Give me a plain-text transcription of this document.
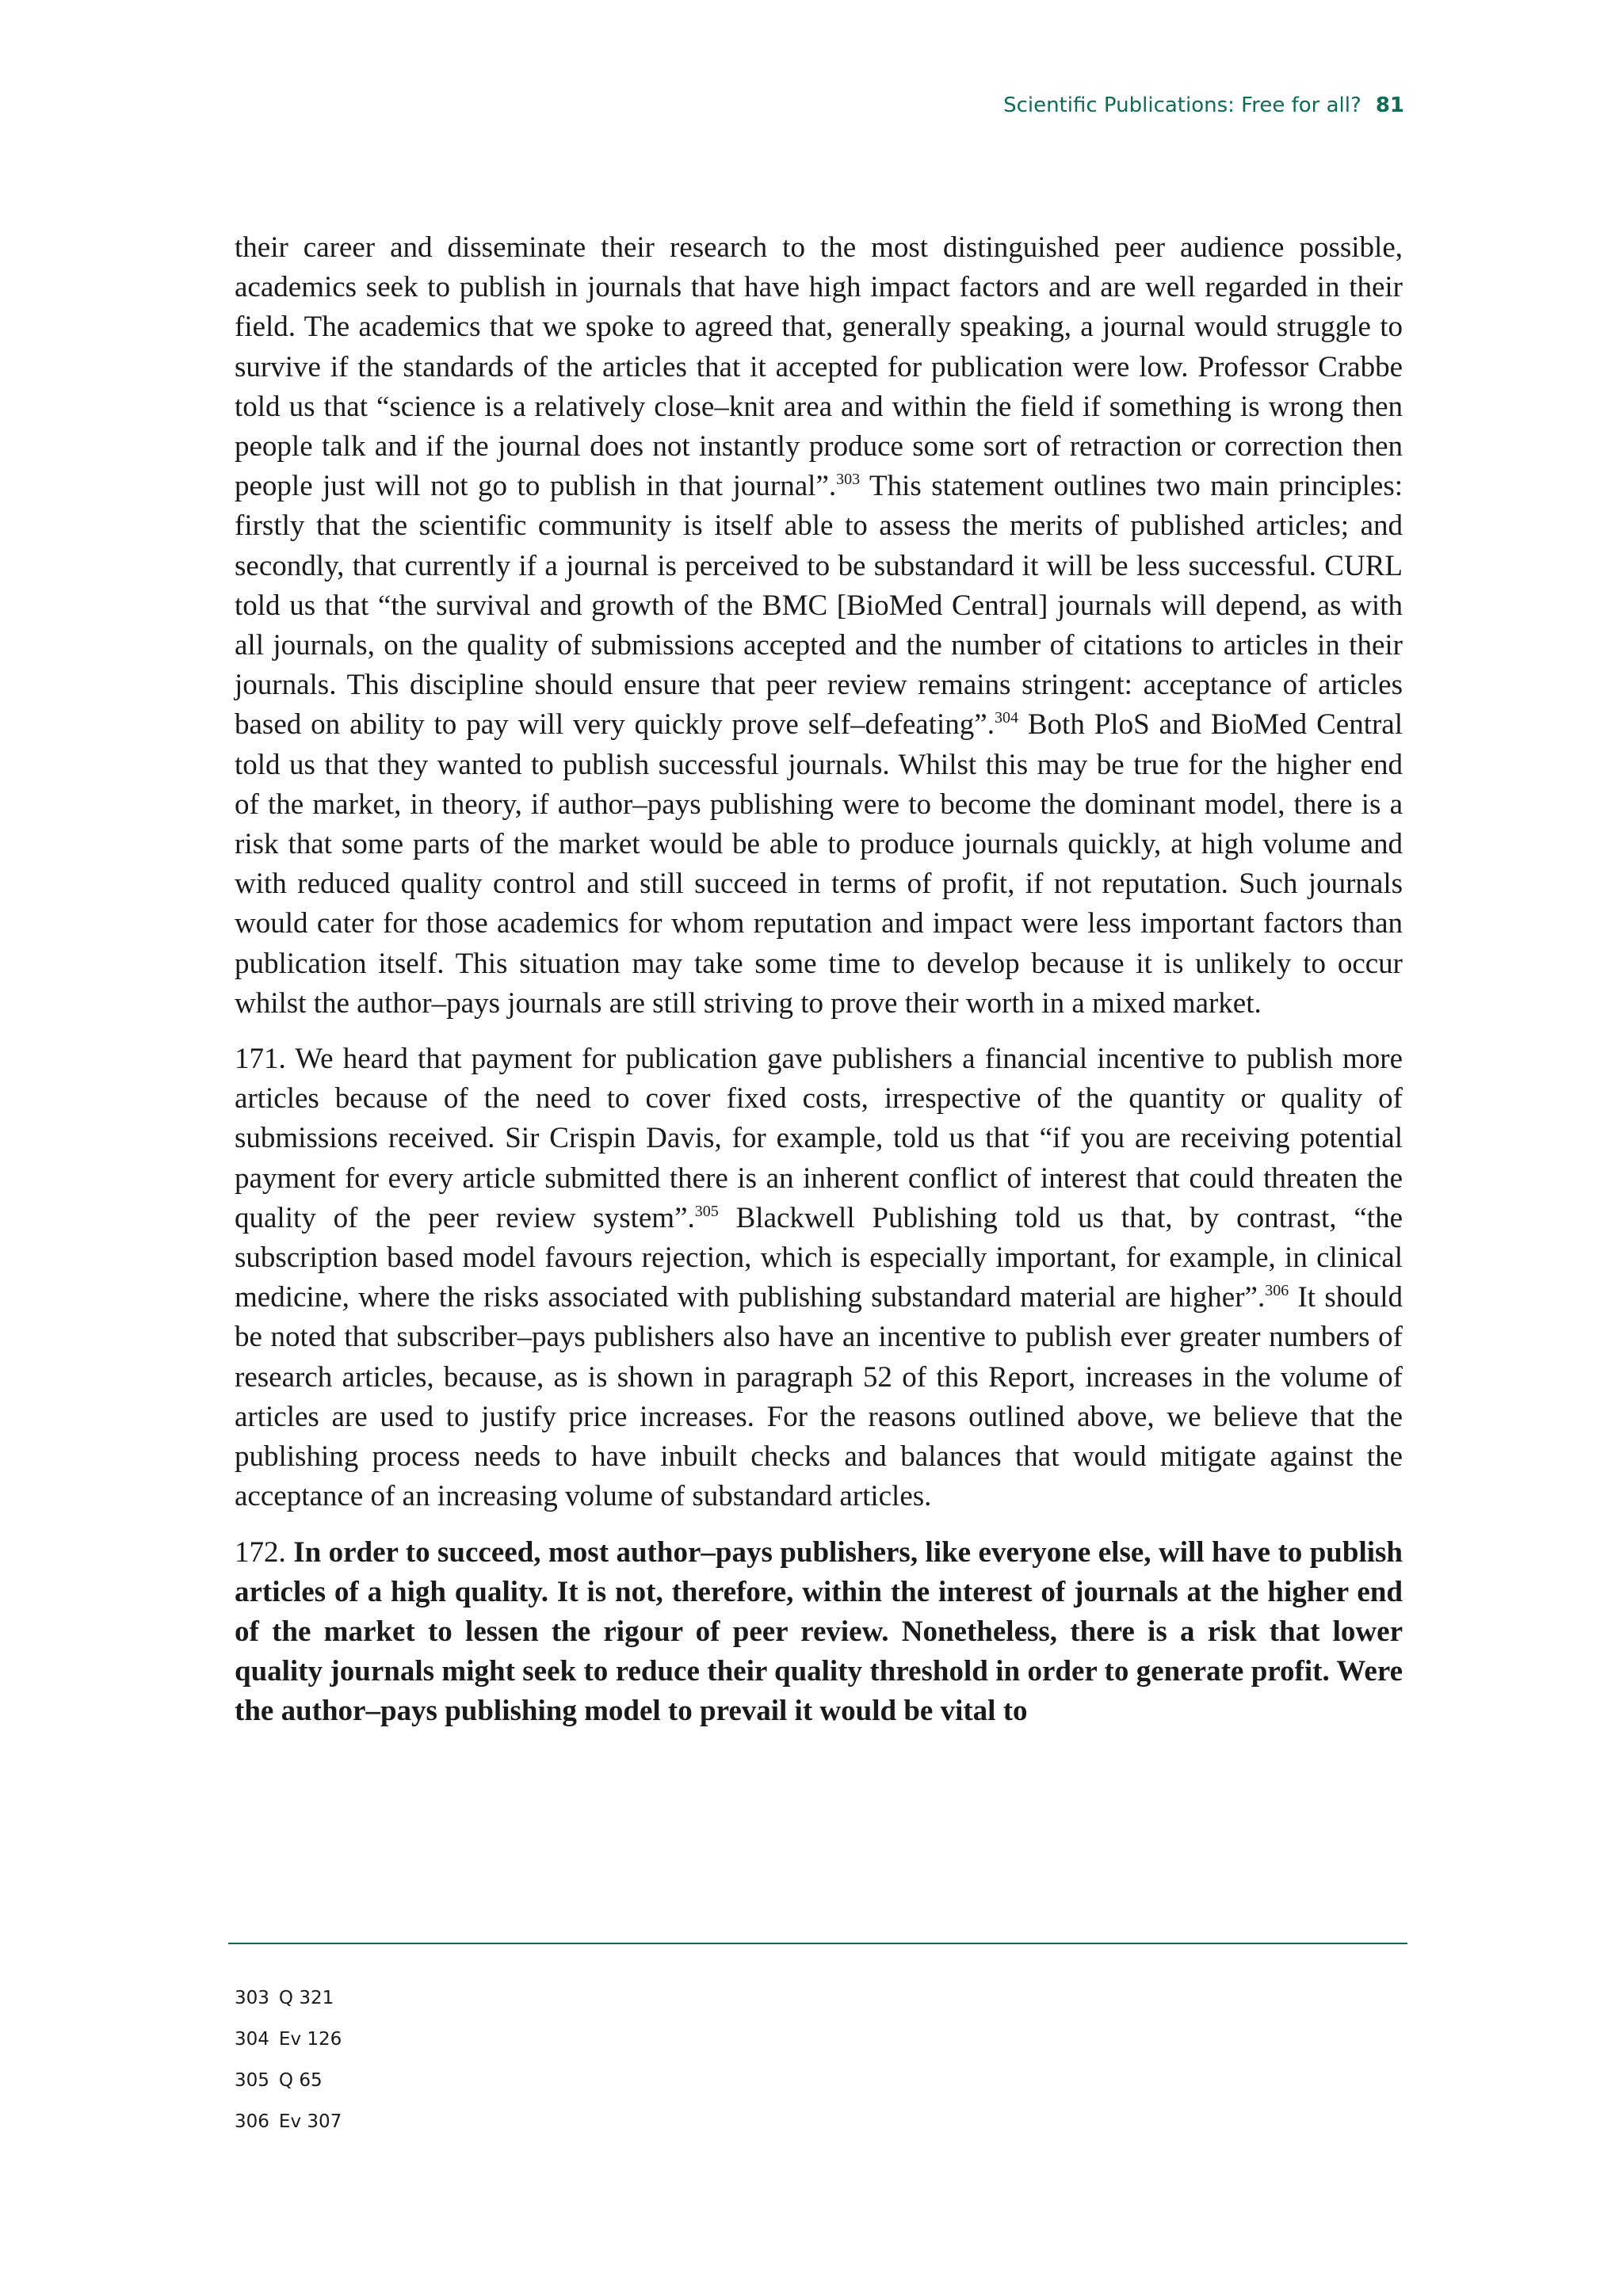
Scientific Publications: Free for all? 81

their career and disseminate their research to the most distinguished peer audience possible, academics seek to publish in journals that have high impact factors and are well regarded in their field. The academics that we spoke to agreed that, generally speaking, a journal would struggle to survive if the standards of the articles that it accepted for publication were low. Professor Crabbe told us that “science is a relatively close–knit area and within the field if something is wrong then people talk and if the journal does not instantly produce some sort of retraction or correction then people just will not go to publish in that journal”.$^{303}$ This statement outlines two main principles: firstly that the scientific community is itself able to assess the merits of published articles; and secondly, that currently if a journal is perceived to be substandard it will be less successful. CURL told us that “the survival and growth of the BMC [BioMed Central] journals will depend, as with all journals, on the quality of submissions accepted and the number of citations to articles in their journals. This discipline should ensure that peer review remains stringent: acceptance of articles based on ability to pay will very quickly prove self–defeating”.$^{304}$ Both PloS and BioMed Central told us that they wanted to publish successful journals. Whilst this may be true for the higher end of the market, in theory, if author–pays publishing were to become the dominant model, there is a risk that some parts of the market would be able to produce journals quickly, at high volume and with reduced quality control and still succeed in terms of profit, if not reputation. Such journals would cater for those academics for whom reputation and impact were less important factors than publication itself. This situation may take some time to develop because it is unlikely to occur whilst the author–pays journals are still striving to prove their worth in a mixed market.

171. We heard that payment for publication gave publishers a financial incentive to publish more articles because of the need to cover fixed costs, irrespective of the quantity or quality of submissions received. Sir Crispin Davis, for example, told us that “if you are receiving potential payment for every article submitted there is an inherent conflict of interest that could threaten the quality of the peer review system”.$^{305}$ Blackwell Publishing told us that, by contrast, “the subscription based model favours rejection, which is especially important, for example, in clinical medicine, where the risks associated with publishing substandard material are higher”.$^{306}$ It should be noted that subscriber–pays publishers also have an incentive to publish ever greater numbers of research articles, because, as is shown in paragraph 52 of this Report, increases in the volume of articles are used to justify price increases. For the reasons outlined above, we believe that the publishing process needs to have inbuilt checks and balances that would mitigate against the acceptance of an increasing volume of substandard articles.

172. In order to succeed, most author–pays publishers, like everyone else, will have to publish articles of a high quality. It is not, therefore, within the interest of journals at the higher end of the market to lessen the rigour of peer review. Nonetheless, there is a risk that lower quality journals might seek to reduce their quality threshold in order to generate profit. Were the author–pays publishing model to prevail it would be vital to

303 Q 321
304 Ev 126
305 Q 65
306 Ev 307
